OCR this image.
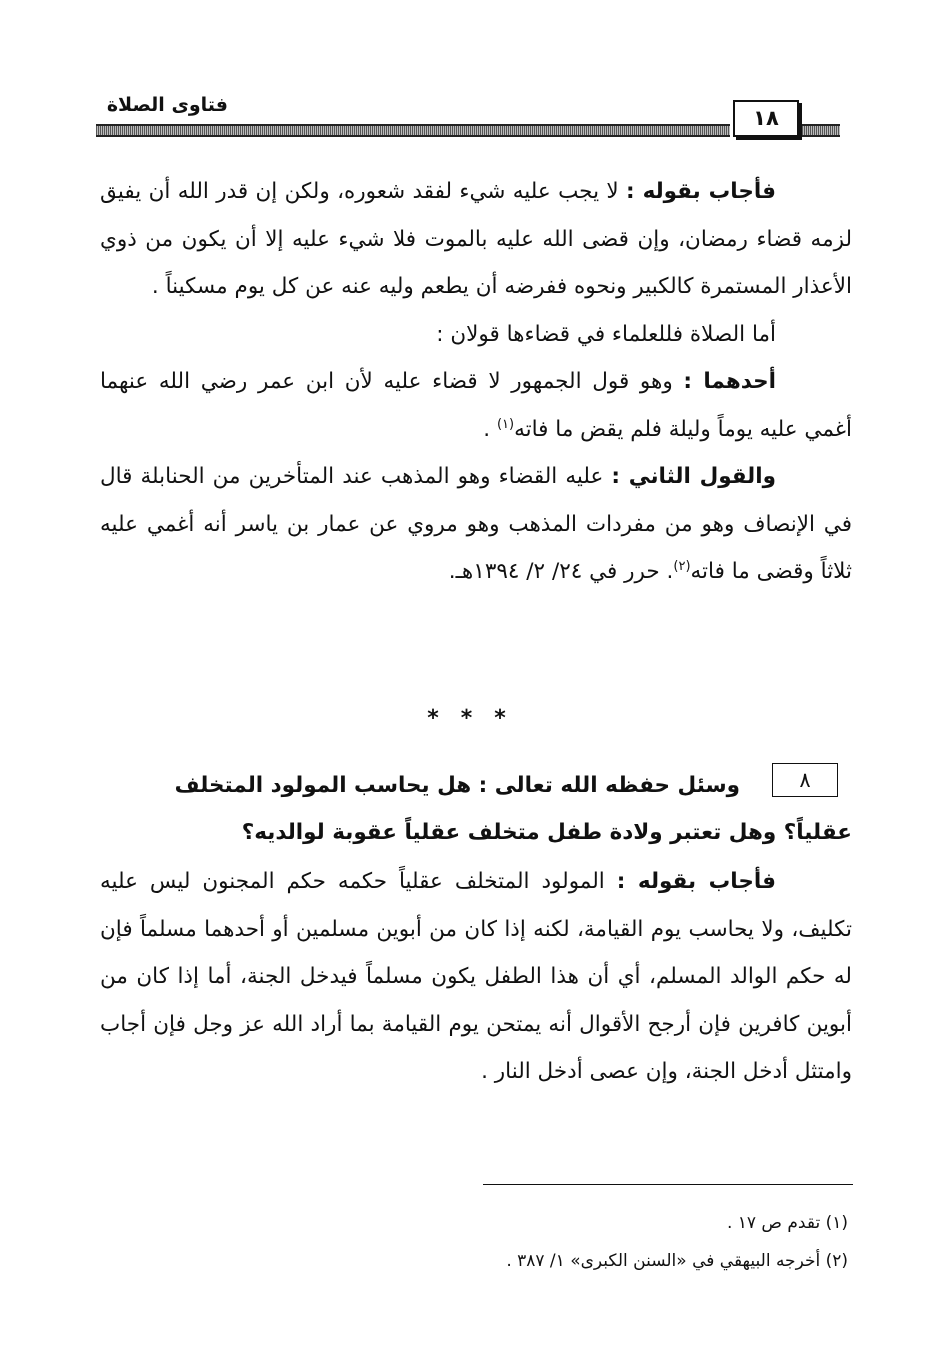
فتاوى الصلاة
١٨

فأجاب بقوله : لا يجب عليه شيء لفقد شعوره، ولكن إن قدر الله أن يفيق لزمه قضاء رمضان، وإن قضى الله عليه بالموت فلا شيء عليه إلا أن يكون من ذوي الأعذار المستمرة كالكبير ونحوه ففرضه أن يطعم وليه عنه عن كل يوم مسكيناً .

أما الصلاة فللعلماء في قضاءها قولان :

أحدهما : وهو قول الجمهور لا قضاء عليه لأن ابن عمر رضي الله عنهما أغمي عليه يوماً وليلة فلم يقض ما فاته$^{(١)}$ .

والقول الثاني : عليه القضاء وهو المذهب عند المتأخرين من الحنابلة قال في الإنصاف وهو من مفردات المذهب وهو مروي عن عمار بن ياسر أنه أغمي عليه ثلاثاً وقضى ما فاته$^{(٢)}$. حرر في ٢٤/ ٢/ ١٣٩٤هـ.

***
٨
وسئل حفظه الله تعالى : هل يحاسب المولود المتخلف
عقلياً؟ وهل تعتبر ولادة طفل متخلف عقلياً عقوبة لوالديه؟

فأجاب بقوله : المولود المتخلف عقلياً حكمه حكم المجنون ليس عليه تكليف، ولا يحاسب يوم القيامة، لكنه إذا كان من أبوين مسلمين أو أحدهما مسلماً فإن له حكم الوالد المسلم، أي أن هذا الطفل يكون مسلماً فيدخل الجنة، أما إذا كان من أبوين كافرين فإن أرجح الأقوال أنه يمتحن يوم القيامة بما أراد الله عز وجل فإن أجاب وامتثل أدخل الجنة، وإن عصى أدخل النار .

(١) تقدم ص ١٧ .
(٢) أخرجه البيهقي في «السنن الكبرى» ١/ ٣٨٧ .
